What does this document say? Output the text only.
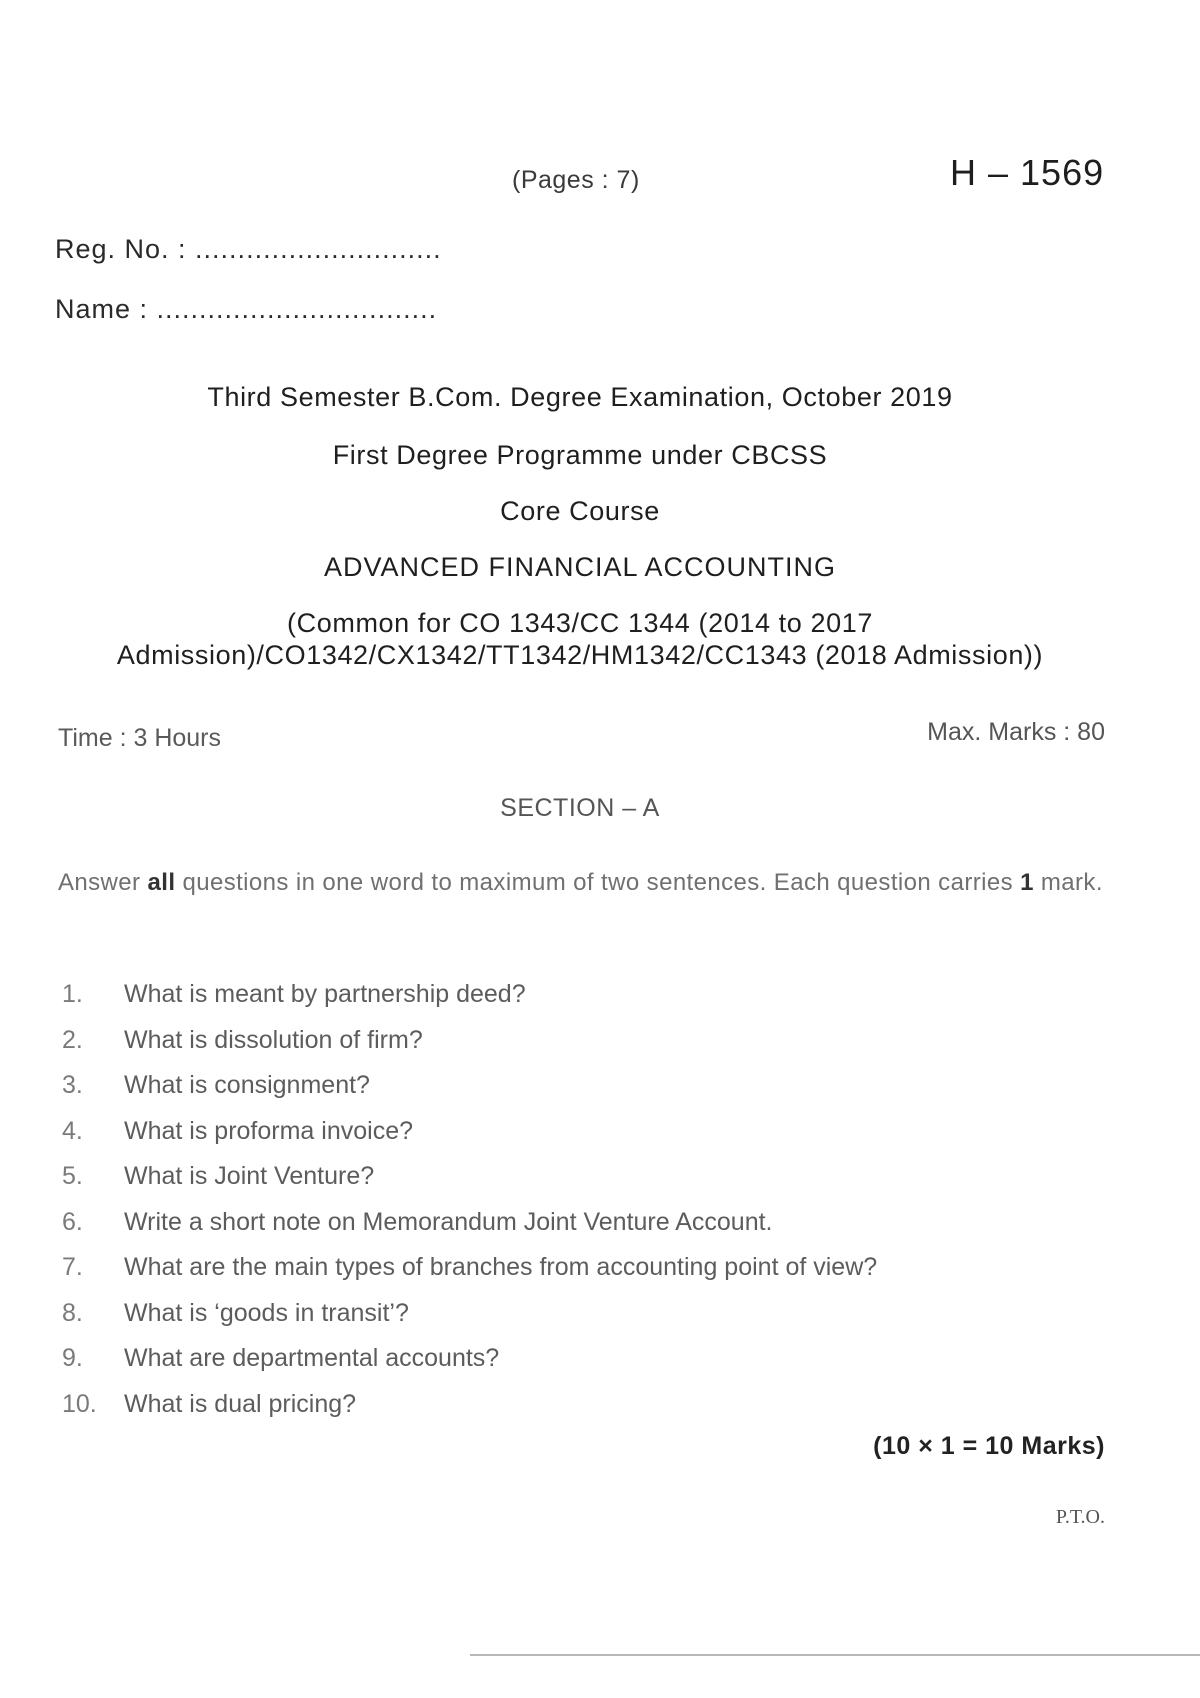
(Pages : 7)	H – 1569
Reg. No. : .............................
Name : .................................
Third Semester B.Com. Degree Examination, October 2019
First Degree Programme under CBCSS
Core Course
ADVANCED FINANCIAL ACCOUNTING
(Common for CO 1343/CC 1344 (2014 to 2017
Admission)/CO1342/CX1342/TT1342/HM1342/CC1343 (2018 Admission))
Time : 3 Hours	Max. Marks : 80
SECTION – A
Answer all questions in one word to maximum of two sentences. Each question carries 1 mark.
1. What is meant by partnership deed?
2. What is dissolution of firm?
3. What is consignment?
4. What is proforma invoice?
5. What is Joint Venture?
6. Write a short note on Memorandum Joint Venture Account.
7. What are the main types of branches from accounting point of view?
8. What is ‘goods in transit’?
9. What are departmental accounts?
10. What is dual pricing?
(10 × 1 = 10 Marks)
P.T.O.
